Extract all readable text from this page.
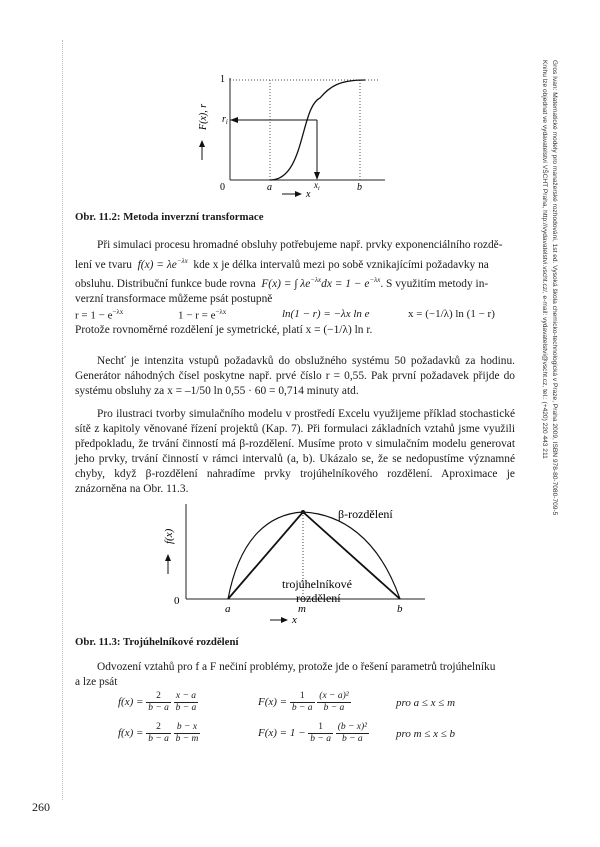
Gros Ivan: Matematické modely pro manažerské rozhodování, 1st ed. Vysoká škola chemicko-technologická v Praze, Praha 2009, ISBN 978-80-7080-709-5
Knihu lze objednat ve vydavatelství VŠCHT Praha, http://vydavatelstvi.vscht.cz/, e-mail: vydavatelstvi@vscht.cz, tel.: (+420) 220 443 211
1
$r_i$
0	a	b
$x_i$
x
F(x), r
Obr. 11.2: Metoda inverzní transformace
Při simulaci procesu hromadné obsluhy potřebujeme např. prvky exponenciálního rozdě-
lení ve tvaru $f(x) = \lambda e^{-\lambda x}$ kde x je délka intervalů mezi po sobě vznikajícími požadavky na
obsluhu. Distribuční funkce bude rovna F(x) = ∫ $\lambda e^{-\lambda x}dx = 1 - e^{-\lambda x}$. S využitím metody in-
verzní transformace můžeme psát postupně
$r = 1 - e^{-\lambda x}$	$1 - r = e^{-\lambda x}$	ln(1 − r) = −λx ln e	x = (−1/λ) ln (1 − r)
Protože rovnoměrné rozdělení je symetrické, platí x = (−1/λ) ln r.
Nechť je intenzita vstupů požadavků do obslužného systému 50 požadavků za hodinu. Generátor náhodných čísel poskytne např. prvé číslo r = 0,55. Pak první požadavek přijde do systému obsluhy za x = –1/50 ln 0,55 · 60 = 0,714 minuty atd.
Pro ilustraci tvorby simulačního modelu v prostředí Excelu využijeme příklad stochastické sítě z kapitoly věnované řízení projektů (Kap. 7). Při formulaci základních vztahů jsme využili předpokladu, že trvání činností má β-rozdělení. Musíme proto v simulačním modelu generovat jeho prvky, trvání činností v rámci intervalů (a, b). Ukázalo se, že se nedopustíme významné chyby, když β-rozdělení nahradíme prvky trojúhelníkového rozdělení. Aproximace je znázorněna na Obr. 11.3.
β-rozdělení
trojúhelníkové
rozdělení
0
a	m	b
x
f(x)
Obr. 11.3: Trojúhelníkové rozdělení
Odvození vztahů pro f a F nečiní problémy, protože jde o řešení parametrů trojúhelníku
a lze psát
$f(x) = \frac{2}{b - a}$
$\frac{x - a}{b - a}$	$F(x) = \frac{1}{b - a}$
$\frac{\text{(x − a)²}}{b - a}$	pro a ≤ x ≤ m
$f(x) = \frac{2}{b - a}$
$\frac{b - x}{b - m}$	$F(x) = 1 - \frac{1}{b - a}$
$\frac{\text{(b − x)²}}{b - a}$ pro m ≤ x ≤ b
260
